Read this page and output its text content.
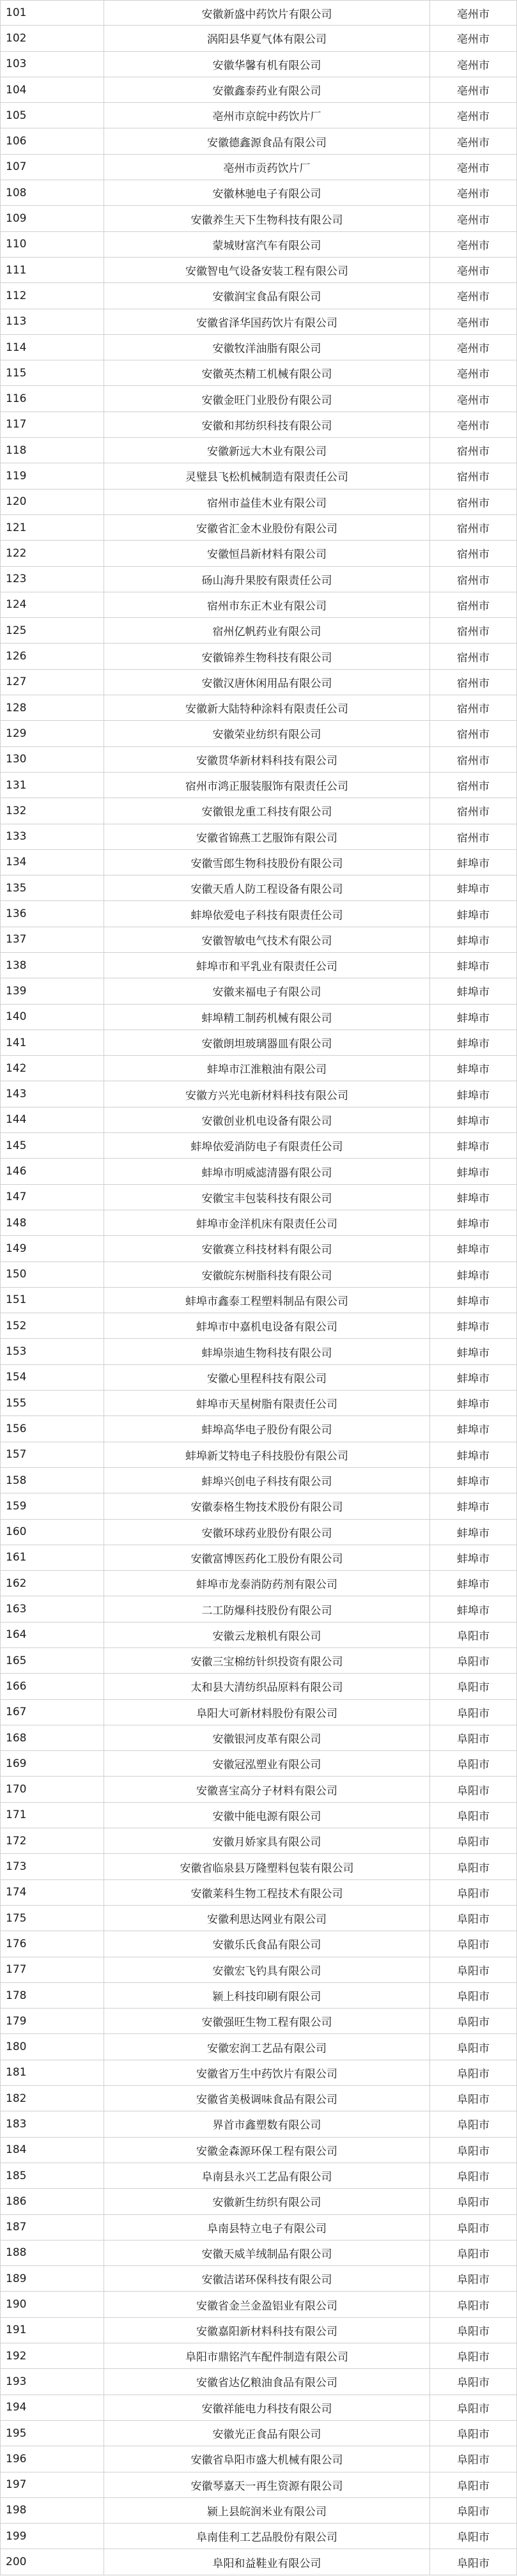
101	安徽新盛中药饮片有限公司	亳州市
102	涡阳县华夏气体有限公司	亳州市
103	安徽华馨有机有限公司	亳州市
104	安徽鑫泰药业有限公司	亳州市
105	亳州市京皖中药饮片厂	亳州市
106	安徽德鑫源食品有限公司	亳州市
107	亳州市贡药饮片厂	亳州市
108	安徽林驰电子有限公司	亳州市
109	安徽养生天下生物科技有限公司	亳州市
110	蒙城财富汽车有限公司	亳州市
111	安徽智电气设备安装工程有限公司	亳州市
112	安徽润宝食品有限公司	亳州市
113	安徽省泽华国药饮片有限公司	亳州市
114	安徽牧洋油脂有限公司	亳州市
115	安徽英杰精工机械有限公司	亳州市
116	安徽金旺门业股份有限公司	亳州市
117	安徽和邦纺织科技有限公司	亳州市
118	安徽新远大木业有限公司	宿州市
119	灵璧县飞松机械制造有限责任公司	宿州市
120	宿州市益佳木业有限公司	宿州市
121	安徽省汇金木业股份有限公司	宿州市
122	安徽恒昌新材料有限公司	宿州市
123	砀山海升果胶有限责任公司	宿州市
124	宿州市东正木业有限公司	宿州市
125	宿州亿帆药业有限公司	宿州市
126	安徽锦养生物科技有限公司	宿州市
127	安徽汉唐休闲用品有限公司	宿州市
128	安徽新大陆特种涂料有限责任公司	宿州市
129	安徽荣业纺织有限公司	宿州市
130	安徽贯华新材料科技有限公司	宿州市
131	宿州市鸿正服装服饰有限责任公司	宿州市
132	安徽银龙重工科技有限公司	宿州市
133	安徽省锦燕工艺服饰有限公司	宿州市
134	安徽雪郎生物科技股份有限公司	蚌埠市
135	安徽天盾人防工程设备有限公司	蚌埠市
136	蚌埠依爱电子科技有限责任公司	蚌埠市
137	安徽智敏电气技术有限公司	蚌埠市
138	蚌埠市和平乳业有限责任公司	蚌埠市
139	安徽来福电子有限公司	蚌埠市
140	蚌埠精工制药机械有限公司	蚌埠市
141	安徽朗坦玻璃器皿有限公司	蚌埠市
142	蚌埠市江淮粮油有限公司	蚌埠市
143	安徽方兴光电新材料科技有限公司	蚌埠市
144	安徽创业机电设备有限公司	蚌埠市
145	蚌埠依爱消防电子有限责任公司	蚌埠市
146	蚌埠市明威滤清器有限公司	蚌埠市
147	安徽宝丰包装科技有限公司	蚌埠市
148	蚌埠市金洋机床有限责任公司	蚌埠市
149	安徽赛立科技材料有限公司	蚌埠市
150	安徽皖东树脂科技有限公司	蚌埠市
151	蚌埠市鑫泰工程塑料制品有限公司	蚌埠市
152	蚌埠市中嘉机电设备有限公司	蚌埠市
153	蚌埠崇迪生物科技有限公司	蚌埠市
154	安徽心里程科技有限公司	蚌埠市
155	蚌埠市天星树脂有限责任公司	蚌埠市
156	蚌埠高华电子股份有限公司	蚌埠市
157	蚌埠新艾特电子科技股份有限公司	蚌埠市
158	蚌埠兴创电子科技有限公司	蚌埠市
159	安徽泰格生物技术股份有限公司	蚌埠市
160	安徽环球药业股份有限公司	蚌埠市
161	安徽富博医药化工股份有限公司	蚌埠市
162	蚌埠市龙泰消防药剂有限公司	蚌埠市
163	二工防爆科技股份有限公司	蚌埠市
164	安徽云龙粮机有限公司	阜阳市
165	安徽三宝棉纺针织投资有限公司	阜阳市
166	太和县大清纺织品原料有限公司	阜阳市
167	阜阳大可新材料股份有限公司	阜阳市
168	安徽银河皮革有限公司	阜阳市
169	安徽冠泓塑业有限公司	阜阳市
170	安徽喜宝高分子材料有限公司	阜阳市
171	安徽中能电源有限公司	阜阳市
172	安徽月娇家具有限公司	阜阳市
173	安徽省临泉县万隆塑料包装有限公司	阜阳市
174	安徽莱科生物工程技术有限公司	阜阳市
175	安徽利思达网业有限公司	阜阳市
176	安徽乐氏食品有限公司	阜阳市
177	安徽宏飞钓具有限公司	阜阳市
178	颍上科技印刷有限公司	阜阳市
179	安徽强旺生物工程有限公司	阜阳市
180	安徽宏润工艺品有限公司	阜阳市
181	安徽省万生中药饮片有限公司	阜阳市
182	安徽省美极调味食品有限公司	阜阳市
183	界首市鑫塑数有限公司	阜阳市
184	安徽金森源环保工程有限公司	阜阳市
185	阜南县永兴工艺品有限公司	阜阳市
186	安徽新生纺织有限公司	阜阳市
187	阜南县特立电子有限公司	阜阳市
188	安徽天威羊绒制品有限公司	阜阳市
189	安徽洁诺环保科技有限公司	阜阳市
190	安徽省金兰金盈铝业有限公司	阜阳市
191	安徽嘉阳新材料科技有限公司	阜阳市
192	阜阳市鼎铭汽车配件制造有限公司	阜阳市
193	安徽省达亿粮油食品有限公司	阜阳市
194	安徽祥能电力科技有限公司	阜阳市
195	安徽光正食品有限公司	阜阳市
196	安徽省阜阳市盛大机械有限公司	阜阳市
197	安徽琴嘉天一再生资源有限公司	阜阳市
198	颍上县皖润米业有限公司	阜阳市
199	阜南佳利工艺品股份有限公司	阜阳市
200	阜阳和益鞋业有限公司	阜阳市
